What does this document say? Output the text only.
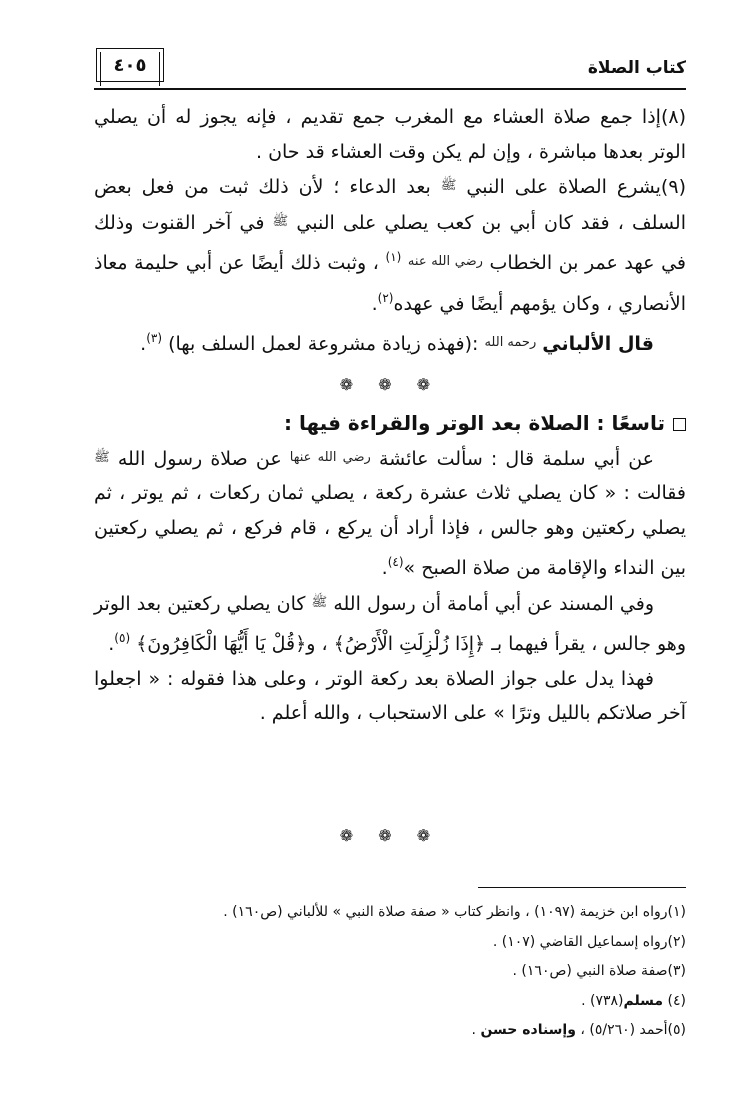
٤٠٥	كتاب الصلاة

(٨)إذا جمع صلاة العشاء مع المغرب جمع تقديم ، فإنه يجوز له أن يصلي الوتر بعدها مباشرة ، وإن لم يكن وقت العشاء قد حان .

(٩)يشرع الصلاة على النبي $^ﷺ$ بعد الدعاء ؛ لأن ذلك ثبت من فعل بعض السلف ، فقد كان أبي بن كعب يصلي على النبي $^ﷺ$ في آخر القنوت وذلك في عهد عمر بن الخطاب $^{رضي الله عنه}$ $^{(١)}$ ، وثبت ذلك أيضًا عن أبي حليمة معاذ الأنصاري ، وكان يؤمهم أيضًا في عهده$^{(٢)}$.

قال الألباني $^{رحمه الله}$ :(فهذه زيادة مشروعة لعمل السلف بها) $^{(٣)}$.

❁ ❁ ❁

تاسعًا : الصلاة بعد الوتر والقراءة فيها :

عن أبي سلمة قال : سألت عائشة $^{رضي الله عنها}$ عن صلاة رسول الله $^ﷺ$ فقالت : « كان يصلي ثلاث عشرة ركعة ، يصلي ثمان ركعات ، ثم يوتر ، ثم يصلي ركعتين وهو جالس ، فإذا أراد أن يركع ، قام فركع ، ثم يصلي ركعتين بين النداء والإقامة من صلاة الصبح »$^{(٤)}$.

وفي المسند عن أبي أمامة أن رسول الله $^ﷺ$ كان يصلي ركعتين بعد الوتر وهو جالس ، يقرأ فيهما بـ ﴿إِذَا زُلْزِلَتِ الْأَرْضُ﴾ ، و﴿قُلْ يَا أَيُّهَا الْكَافِرُونَ﴾ $^{(٥)}$.

فهذا يدل على جواز الصلاة بعد ركعة الوتر ، وعلى هذا فقوله : « اجعلوا آخر صلاتكم بالليل وترًا » على الاستحباب ، والله أعلم .

❁ ❁ ❁
(١)رواه ابن خزيمة (١٠٩٧) ، وانظر كتاب « صفة صلاة النبي » للألباني (ص١٦٠) .
(٢)رواه إسماعيل القاضي (١٠٧) .
(٣)صفة صلاة النبي (ص١٦٠) .
(٤) مسلم(٧٣٨) .
(٥)أحمد (٥/٢٦٠) ، وإسناده حسن .
